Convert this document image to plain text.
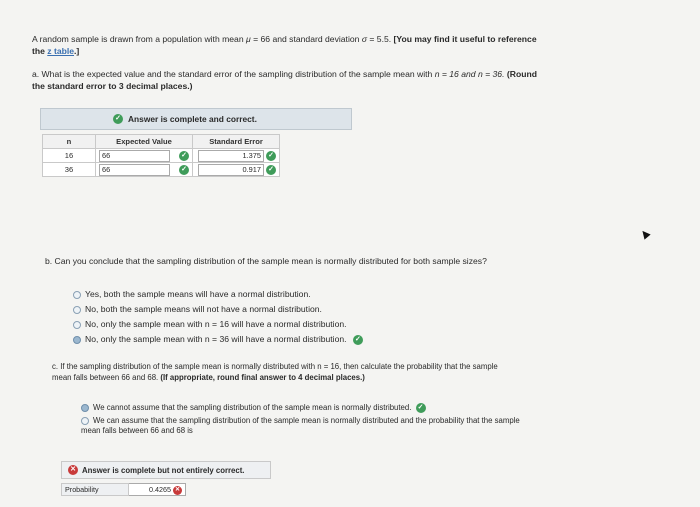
A random sample is drawn from a population with mean μ = 66 and standard deviation σ = 5.5. [You may find it useful to reference
the z table.]
a. What is the expected value and the standard error of the sampling distribution of the sample mean with n = 16 and n = 36. (Round
the standard error to 3 decimal places.)
✓ Answer is complete and correct.
n	Expected Value	Standard Error
16	66 ✓	1.375 ✓

36	66 ✓	0.917 ✓
b. Can you conclude that the sampling distribution of the sample mean is normally distributed for both sample sizes?
Yes, both the sample means will have a normal distribution.
No, both the sample means will not have a normal distribution.
No, only the sample mean with n = 16 will have a normal distribution.
No, only the sample mean with n = 36 will have a normal distribution. ✓
c. If the sampling distribution of the sample mean is normally distributed with n = 16, then calculate the probability that the sample
mean falls between 66 and 68. (If appropriate, round final answer to 4 decimal places.)
We cannot assume that the sampling distribution of the sample mean is normally distributed. ✓
We can assume that the sampling distribution of the sample mean is normally distributed and the probability that the sample
mean falls between 66 and 68 is
✕ Answer is complete but not entirely correct.
Probability	0.4265 ✕
